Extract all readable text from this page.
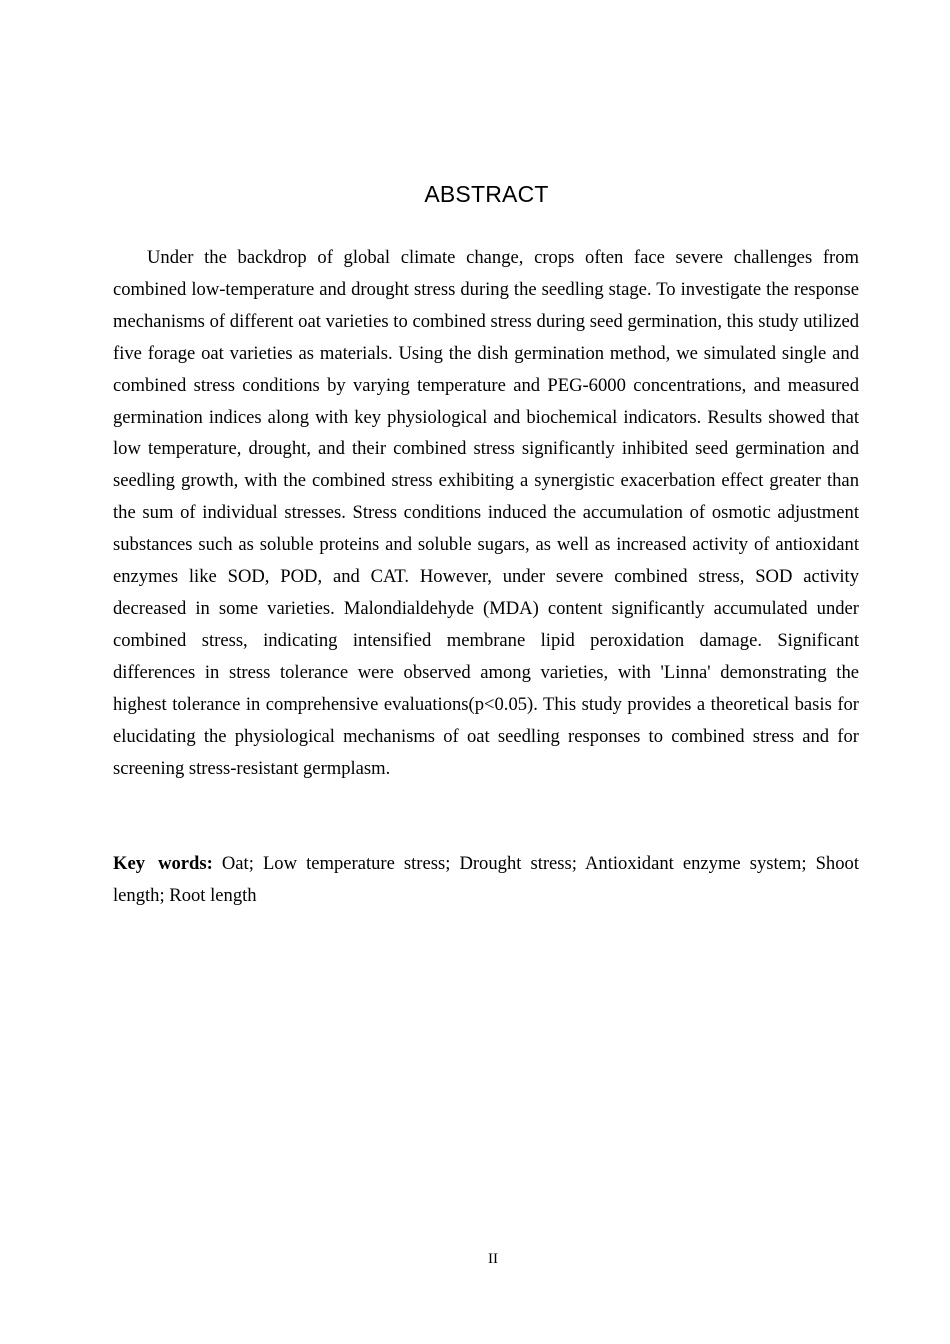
ABSTRACT

Under the backdrop of global climate change, crops often face severe challenges from combined low-temperature and drought stress during the seedling stage. To investigate the response mechanisms of different oat varieties to combined stress during seed germination, this study utilized five forage oat varieties as materials. Using the dish germination method, we simulated single and combined stress conditions by varying temperature and PEG-6000 concentrations, and measured germination indices along with key physiological and biochemical indicators. Results showed that low temperature, drought, and their combined stress significantly inhibited seed germination and seedling growth, with the combined stress exhibiting a synergistic exacerbation effect greater than the sum of individual stresses. Stress conditions induced the accumulation of osmotic adjustment substances such as soluble proteins and soluble sugars, as well as increased activity of antioxidant enzymes like SOD, POD, and CAT. However, under severe combined stress, SOD activity decreased in some varieties. Malondialdehyde (MDA) content significantly accumulated under combined stress, indicating intensified membrane lipid peroxidation damage. Significant differences in stress tolerance were observed among varieties, with 'Linna' demonstrating the highest tolerance in comprehensive evaluations(p<0.05). This study provides a theoretical basis for elucidating the physiological mechanisms of oat seedling responses to combined stress and for screening stress-resistant germplasm.

Key words: Oat; Low temperature stress; Drought stress; Antioxidant enzyme system; Shoot length; Root length

II
